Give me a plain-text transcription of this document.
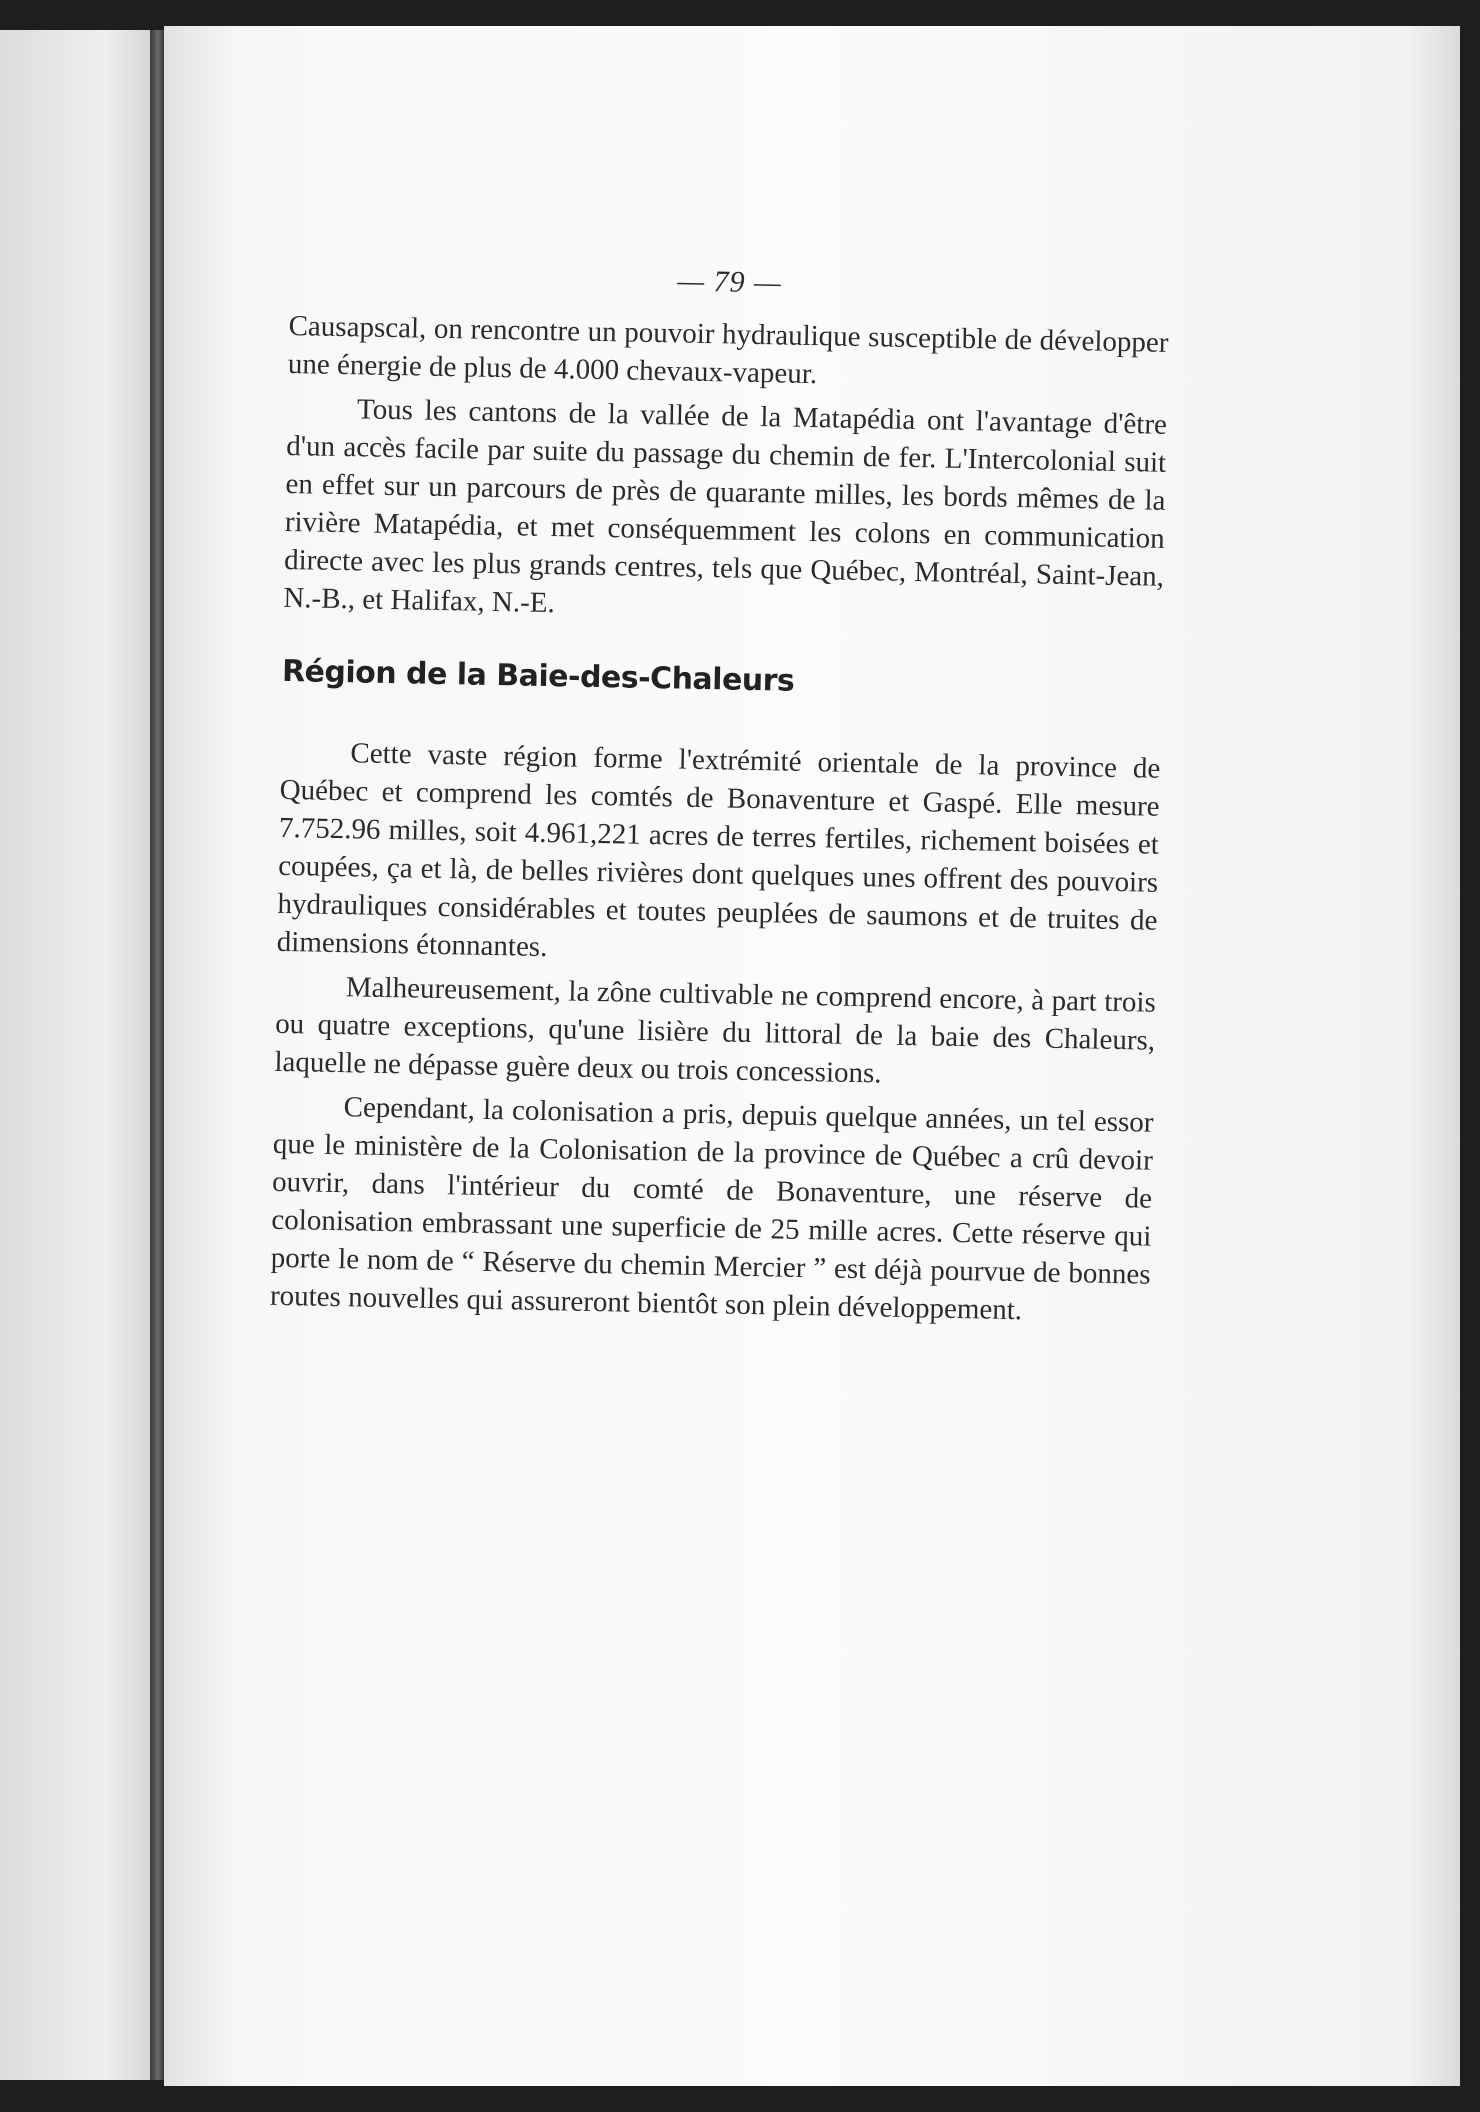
— 79 —

Causapscal, on rencontre un pouvoir hydraulique susceptible de développer une énergie de plus de 4.000 chevaux-vapeur.

Tous les cantons de la vallée de la Matapédia ont l'avantage d'être d'un accès facile par suite du passage du chemin de fer. L'Intercolonial suit en effet sur un parcours de près de quarante milles, les bords mêmes de la rivière Matapédia, et met conséquemment les colons en communication directe avec les plus grands centres, tels que Québec, Montréal, Saint-Jean, N.-B., et Halifax, N.-E.

Région de la Baie-des-Chaleurs

Cette vaste région forme l'extrémité orientale de la province de Québec et comprend les comtés de Bonaventure et Gaspé. Elle mesure 7.752.96 milles, soit 4.961,221 acres de terres fertiles, richement boisées et coupées, ça et là, de belles rivières dont quelques unes offrent des pouvoirs hydrauliques considérables et toutes peuplées de saumons et de truites de dimensions étonnantes.

Malheureusement, la zône cultivable ne comprend encore, à part trois ou quatre exceptions, qu'une lisière du littoral de la baie des Chaleurs, laquelle ne dépasse guère deux ou trois concessions.

Cependant, la colonisation a pris, depuis quelque années, un tel essor que le ministère de la Colonisation de la province de Québec a crû devoir ouvrir, dans l'intérieur du comté de Bonaventure, une réserve de colonisation embrassant une superficie de 25 mille acres. Cette réserve qui porte le nom de “ Réserve du chemin Mercier ” est déjà pourvue de bonnes routes nouvelles qui assureront bientôt son plein développement.
